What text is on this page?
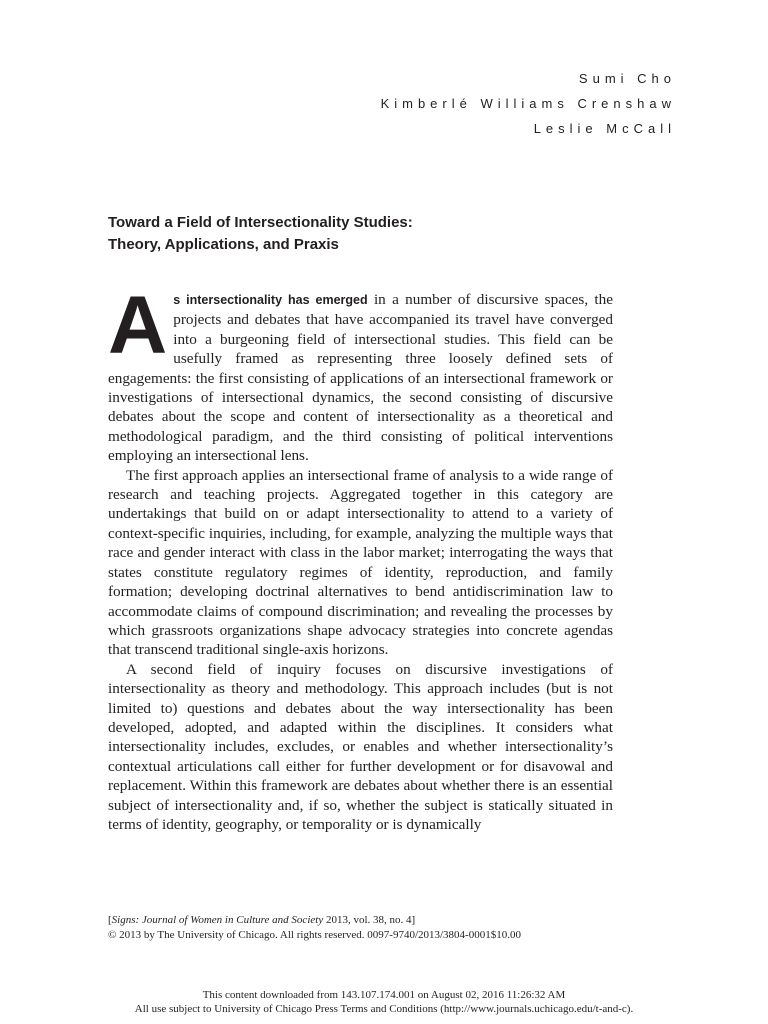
Sumi Cho
Kimberlé Williams Crenshaw
Leslie McCall
Toward a Field of Intersectionality Studies:
Theory, Applications, and Praxis

As intersectionality has emerged in a number of discursive spaces, the projects and debates that have accompanied its travel have converged into a burgeoning field of intersectional studies. This field can be usefully framed as representing three loosely defined sets of engagements: the first consisting of applications of an intersectional framework or investigations of intersectional dynamics, the second consisting of discursive debates about the scope and content of intersectionality as a theoretical and methodological paradigm, and the third consisting of political interventions employing an intersectional lens.

The first approach applies an intersectional frame of analysis to a wide range of research and teaching projects. Aggregated together in this category are undertakings that build on or adapt intersectionality to attend to a variety of context-specific inquiries, including, for example, analyzing the multiple ways that race and gender interact with class in the labor market; interrogating the ways that states constitute regulatory regimes of identity, reproduction, and family formation; developing doctrinal alternatives to bend antidiscrimination law to accommodate claims of compound discrimination; and revealing the processes by which grassroots organizations shape advocacy strategies into concrete agendas that transcend traditional single-axis horizons.

A second field of inquiry focuses on discursive investigations of intersectionality as theory and methodology. This approach includes (but is not limited to) questions and debates about the way intersectionality has been developed, adopted, and adapted within the disciplines. It considers what intersectionality includes, excludes, or enables and whether intersectionality’s contextual articulations call either for further development or for disavowal and replacement. Within this framework are debates about whether there is an essential subject of intersectionality and, if so, whether the subject is statically situated in terms of identity, geography, or temporality or is dynamically

[Signs: Journal of Women in Culture and Society 2013, vol. 38, no. 4]
© 2013 by The University of Chicago. All rights reserved. 0097-9740/2013/3804-0001$10.00
This content downloaded from 143.107.174.001 on August 02, 2016 11:26:32 AM
All use subject to University of Chicago Press Terms and Conditions (http://www.journals.uchicago.edu/t-and-c).
